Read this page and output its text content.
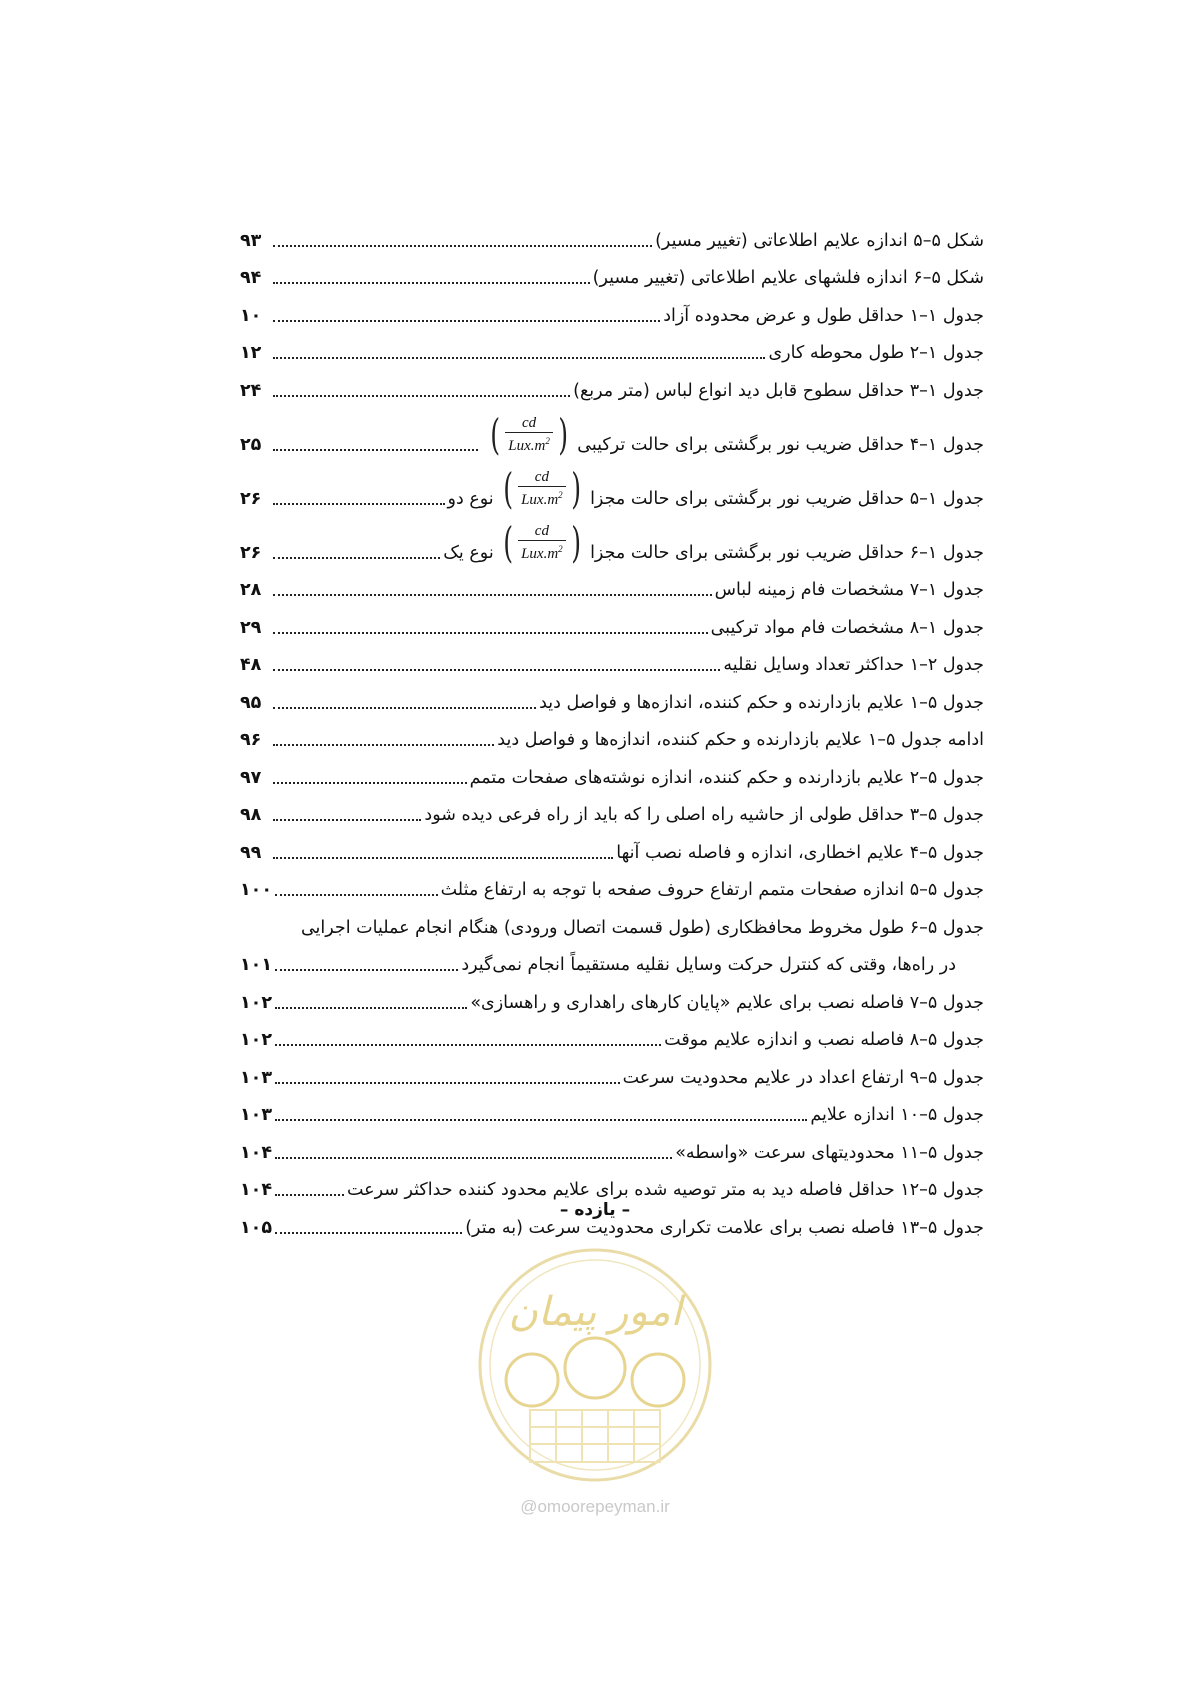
شکل ۵–۵ اندازه علایم اطلاعاتی (تغییر مسیر)
۹۳
شکل ۵–۶ اندازه فلشهای علایم اطلاعاتی (تغییر مسیر)
۹۴
جدول ۱–۱ حداقل طول و عرض محدوده آزاد
۱۰
جدول ۱–۲ طول محوطه کاری
۱۲
جدول ۱–۳ حداقل سطوح قابل دید انواع لباس (متر مربع)
۲۴
جدول ۱–۴ حداقل ضریب نور برگشتی برای حالت ترکیبی
(
$\frac{cd}{Lux.m^2}$
)
۲۵
جدول ۱–۵ حداقل ضریب نور برگشتی برای حالت مجزا
(
$\frac{cd}{Lux.m^2}$
)
نوع دو
۲۶
جدول ۱–۶ حداقل ضریب نور برگشتی برای حالت مجزا
(
$\frac{cd}{Lux.m^2}$
)
نوع یک
۲۶
جدول ۱–۷ مشخصات فام زمینه لباس
۲۸
جدول ۱–۸ مشخصات فام مواد ترکیبی
۲۹
جدول ۲–۱ حداکثر تعداد وسایل نقلیه
۴۸
جدول ۵–۱ علایم بازدارنده و حکم کننده، اندازه‌ها و فواصل دید
۹۵
ادامه جدول ۵–۱ علایم بازدارنده و حکم کننده، اندازه‌ها و فواصل دید
۹۶
جدول ۵–۲ علایم بازدارنده و حکم کننده، اندازه نوشته‌های صفحات متمم
۹۷
جدول ۵–۳ حداقل طولی از حاشیه راه اصلی را که باید از راه فرعی دیده شود
۹۸
جدول ۵–۴ علایم اخطاری، اندازه و فاصله نصب آنها
۹۹
جدول ۵–۵ اندازه صفحات متمم ارتفاع حروف صفحه با توجه به ارتفاع مثلث
۱۰۰
جدول ۵–۶ طول مخروط محافظکاری (طول قسمت اتصال ورودی) هنگام انجام عملیات اجرایی
در راه‌ها، وقتی که کنترل حرکت وسایل نقلیه مستقیماً انجام نمی‌گیرد
۱۰۱
جدول ۵–۷ فاصله نصب برای علایم «پایان کارهای راهداری و راهسازی»
۱۰۲
جدول ۵–۸ فاصله نصب و اندازه علایم موقت
۱۰۲
جدول ۵–۹ ارتفاع اعداد در علایم محدودیت سرعت
۱۰۳
جدول ۵–۱۰ اندازه علایم
۱۰۳
جدول ۵–۱۱ محدودیتهای سرعت «واسطه»
۱۰۴
جدول ۵–۱۲ حداقل فاصله دید به متر توصیه شده برای علایم محدود کننده حداکثر سرعت
۱۰۴
جدول ۵–۱۳ فاصله نصب برای علامت تکراری محدودیت سرعت (به متر)
۱۰۵
– یازده –
امور پیمان
@omoorepeyman.ir
